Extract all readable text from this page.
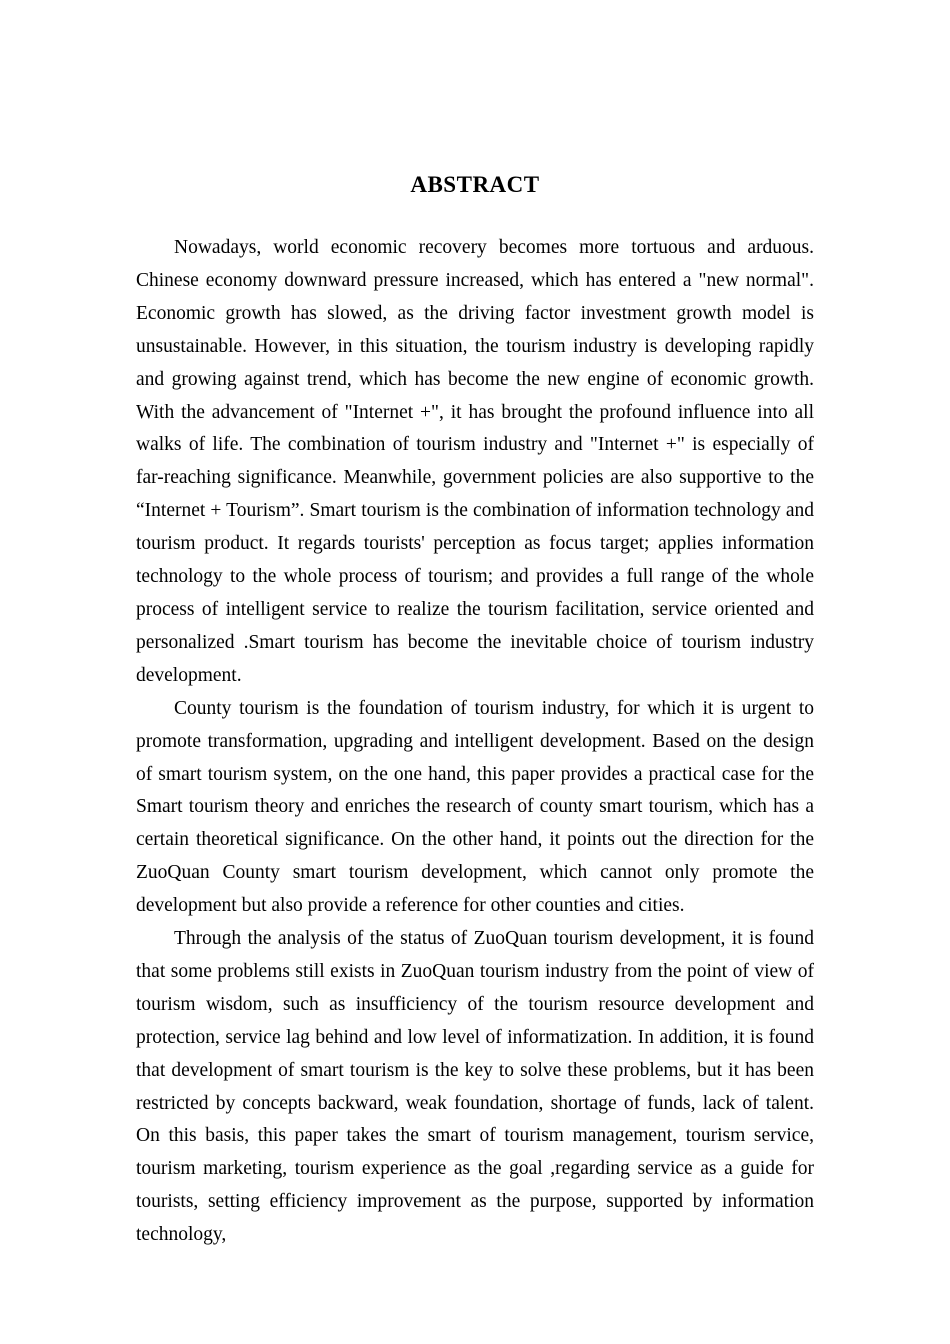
ABSTRACT

Nowadays, world economic recovery becomes more tortuous and arduous. Chinese economy downward pressure increased, which has entered a "new normal". Economic growth has slowed, as the driving factor investment growth model is unsustainable. However, in this situation, the tourism industry is developing rapidly and growing against trend, which has become the new engine of economic growth. With the advancement of "Internet +", it has brought the profound influence into all walks of life. The combination of tourism industry and "Internet +" is especially of far-reaching significance. Meanwhile, government policies are also supportive to the “Internet + Tourism”. Smart tourism is the combination of information technology and tourism product. It regards tourists' perception as focus target; applies information technology to the whole process of tourism; and provides a full range of the whole process of intelligent service to realize the tourism facilitation, service oriented and personalized .Smart tourism has become the inevitable choice of tourism industry development.

County tourism is the foundation of tourism industry, for which it is urgent to promote transformation, upgrading and intelligent development. Based on the design of smart tourism system, on the one hand, this paper provides a practical case for the Smart tourism theory and enriches the research of county smart tourism, which has a certain theoretical significance. On the other hand, it points out the direction for the ZuoQuan County smart tourism development, which cannot only promote the development but also provide a reference for other counties and cities.

Through the analysis of the status of ZuoQuan tourism development, it is found that some problems still exists in ZuoQuan tourism industry from the point of view of tourism wisdom, such as insufficiency of the tourism resource development and protection, service lag behind and low level of informatization. In addition, it is found that development of smart tourism is the key to solve these problems, but it has been restricted by concepts backward, weak foundation, shortage of funds, lack of talent. On this basis, this paper takes the smart of tourism management, tourism service, tourism marketing, tourism experience as the goal ,regarding service as a guide for tourists, setting efficiency improvement as the purpose, supported by information technology,
